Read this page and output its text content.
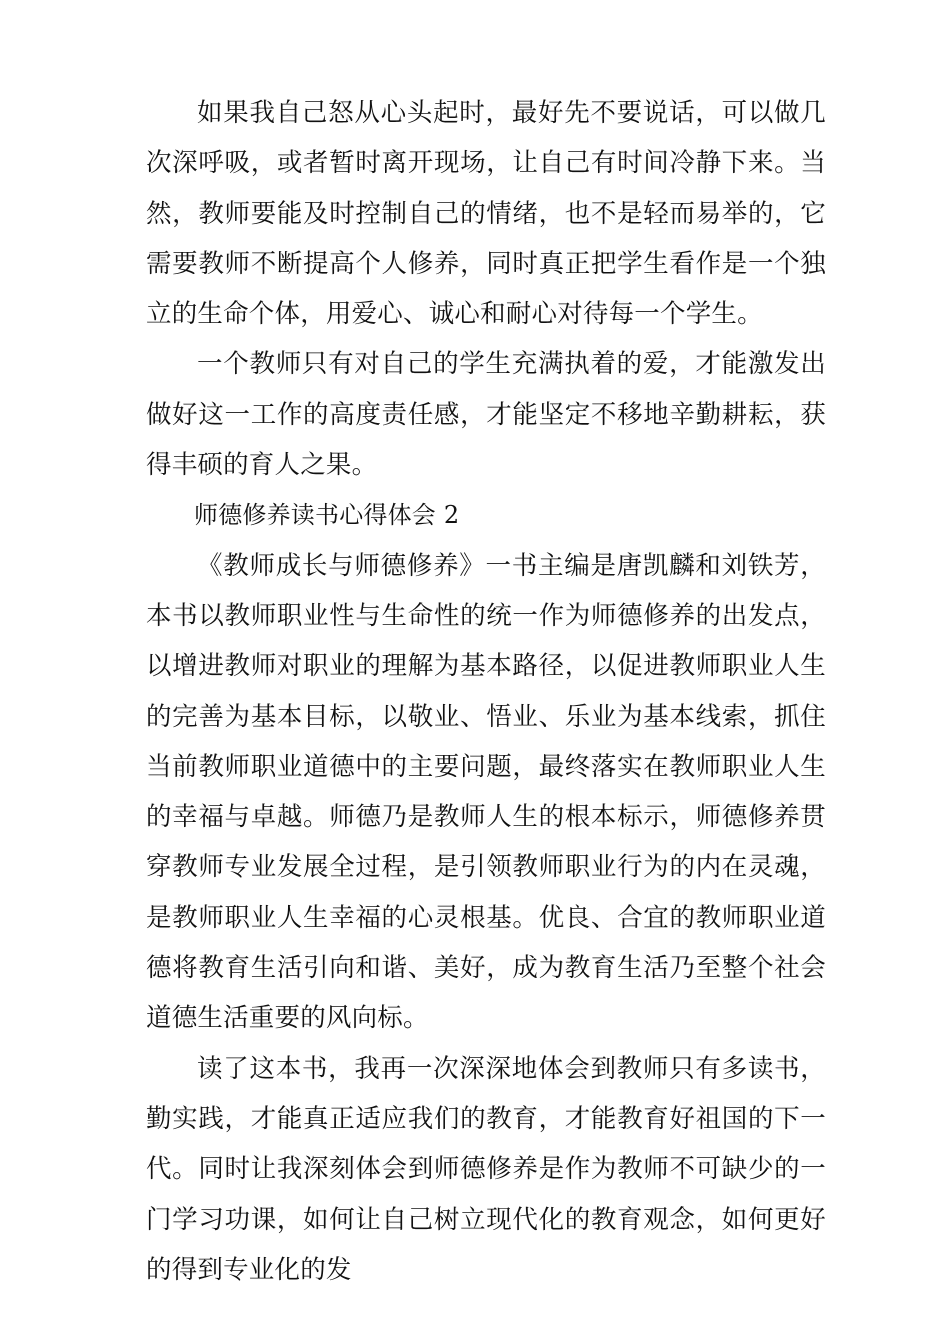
如果我自己怒从心头起时，最好先不要说话，可以做几次深呼吸，或者暂时离开现场，让自己有时间冷静下来。当然，教师要能及时控制自己的情绪，也不是轻而易举的，它需要教师不断提高个人修养，同时真正把学生看作是一个独立的生命个体，用爱心、诚心和耐心对待每一个学生。

一个教师只有对自己的学生充满执着的爱，才能激发出做好这一工作的高度责任感，才能坚定不移地辛勤耕耘，获得丰硕的育人之果。

师德修养读书心得体会 2

《教师成长与师德修养》一书主编是唐凯麟和刘铁芳，本书以教师职业性与生命性的统一作为师德修养的出发点，以增进教师对职业的理解为基本路径，以促进教师职业人生的完善为基本目标，以敬业、悟业、乐业为基本线索，抓住当前教师职业道德中的主要问题，最终落实在教师职业人生的幸福与卓越。师德乃是教师人生的根本标示，师德修养贯穿教师专业发展全过程，是引领教师职业行为的内在灵魂，是教师职业人生幸福的心灵根基。优良、合宜的教师职业道德将教育生活引向和谐、美好，成为教育生活乃至整个社会道德生活重要的风向标。

读了这本书，我再一次深深地体会到教师只有多读书，勤实践，才能真正适应我们的教育，才能教育好祖国的下一代。同时让我深刻体会到师德修养是作为教师不可缺少的一门学习功课，如何让自己树立现代化的教育观念，如何更好的得到专业化的发
